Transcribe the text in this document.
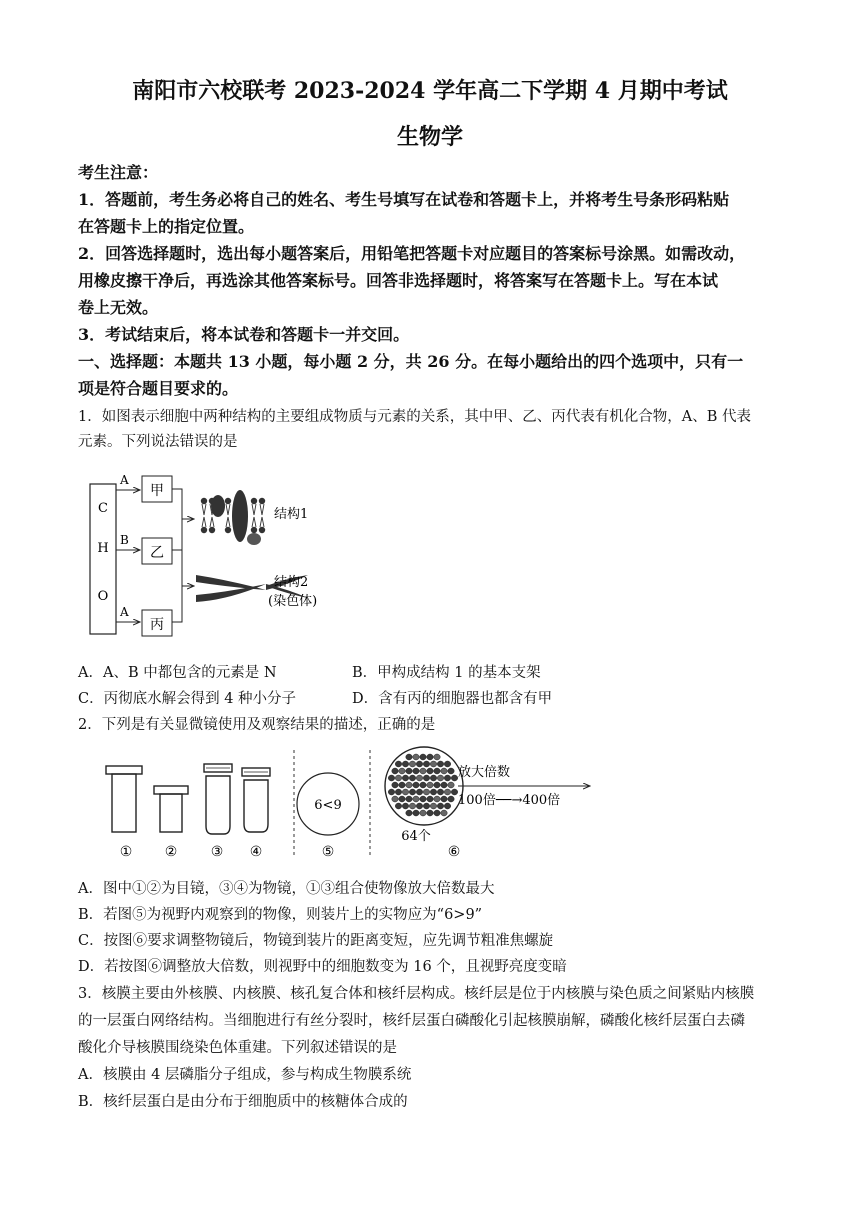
南阳市六校联考 2023-2024 学年高二下学期 4 月期中考试
生物学
考生注意：
1．答题前，考生务必将自己的姓名、考生号填写在试卷和答题卡上，并将考生号条形码粘贴
在答题卡上的指定位置。
2．回答选择题时，选出每小题答案后，用铅笔把答题卡对应题目的答案标号涂黑。如需改动，
用橡皮擦干净后，再选涂其他答案标号。回答非选择题时，将答案写在答题卡上。写在本试
卷上无效。
3．考试结束后，将本试卷和答题卡一并交回。
一、选择题：本题共 13 小题，每小题 2 分，共 26 分。在每小题给出的四个选项中，只有一
项是符合题目要求的。
1．如图表示细胞中两种结构的主要组成物质与元素的关系，其中甲、乙、丙代表有机化合物，A、B 代表
元素。下列说法错误的是
C
H
O
A
B
A
甲
乙
丙
结构1
结构2
(染色体)
A．A、B 中都包含的元素是 N	B．甲构成结构 1 的基本支架
C．丙彻底水解会得到 4 种小分子	D．含有丙的细胞器也都含有甲
2．下列是有关显微镜使用及观察结果的描述，正确的是
6<9
64个
放大倍数
100倍──→400倍
① ② ③ ④	⑤	⑥
A．图中①②为目镜，③④为物镜，①③组合使物像放大倍数最大
B．若图⑤为视野内观察到的物像，则装片上的实物应为“6>9”
C．按图⑥要求调整物镜后，物镜到装片的距离变短，应先调节粗准焦螺旋
D．若按图⑥调整放大倍数，则视野中的细胞数变为 16 个，且视野亮度变暗
3．核膜主要由外核膜、内核膜、核孔复合体和核纤层构成。核纤层是位于内核膜与染色质之间紧贴内核膜
的一层蛋白网络结构。当细胞进行有丝分裂时，核纤层蛋白磷酸化引起核膜崩解，磷酸化核纤层蛋白去磷
酸化介导核膜围绕染色体重建。下列叙述错误的是
A．核膜由 4 层磷脂分子组成，参与构成生物膜系统
B．核纤层蛋白是由分布于细胞质中的核糖体合成的
